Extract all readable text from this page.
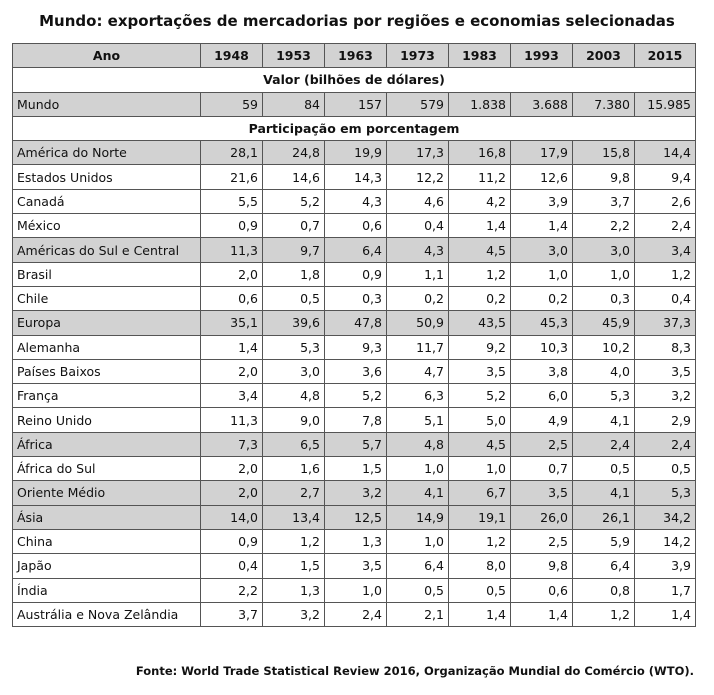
Mundo: exportações de mercadorias por regiões e economias selecionadas
Ano	1948	1953	1963	1973	1983	1993	2003	2015
Valor (bilhões de dólares)								
Mundo	59	84	157	579	1.838	3.688	7.380	15.985
Participação em porcentagem								
América do Norte	28,1	24,8	19,9	17,3	16,8	17,9	15,8	14,4
Estados Unidos	21,6	14,6	14,3	12,2	11,2	12,6	9,8	9,4
Canadá	5,5	5,2	4,3	4,6	4,2	3,9	3,7	2,6
México	0,9	0,7	0,6	0,4	1,4	1,4	2,2	2,4
Américas do Sul e Central	11,3	9,7	6,4	4,3	4,5	3,0	3,0	3,4
Brasil	2,0	1,8	0,9	1,1	1,2	1,0	1,0	1,2
Chile	0,6	0,5	0,3	0,2	0,2	0,2	0,3	0,4
Europa	35,1	39,6	47,8	50,9	43,5	45,3	45,9	37,3
Alemanha	1,4	5,3	9,3	11,7	9,2	10,3	10,2	8,3
Países Baixos	2,0	3,0	3,6	4,7	3,5	3,8	4,0	3,5
França	3,4	4,8	5,2	6,3	5,2	6,0	5,3	3,2
Reino Unido	11,3	9,0	7,8	5,1	5,0	4,9	4,1	2,9
África	7,3	6,5	5,7	4,8	4,5	2,5	2,4	2,4
África do Sul	2,0	1,6	1,5	1,0	1,0	0,7	0,5	0,5
Oriente Médio	2,0	2,7	3,2	4,1	6,7	3,5	4,1	5,3
Ásia	14,0	13,4	12,5	14,9	19,1	26,0	26,1	34,2
China	0,9	1,2	1,3	1,0	1,2	2,5	5,9	14,2
Japão	0,4	1,5	3,5	6,4	8,0	9,8	6,4	3,9
Índia	2,2	1,3	1,0	0,5	0,5	0,6	0,8	1,7
Austrália e Nova Zelândia	3,7	3,2	2,4	2,1	1,4	1,4	1,2	1,4
Fonte: World Trade Statistical Review 2016, Organização Mundial do Comércio (WTO).
